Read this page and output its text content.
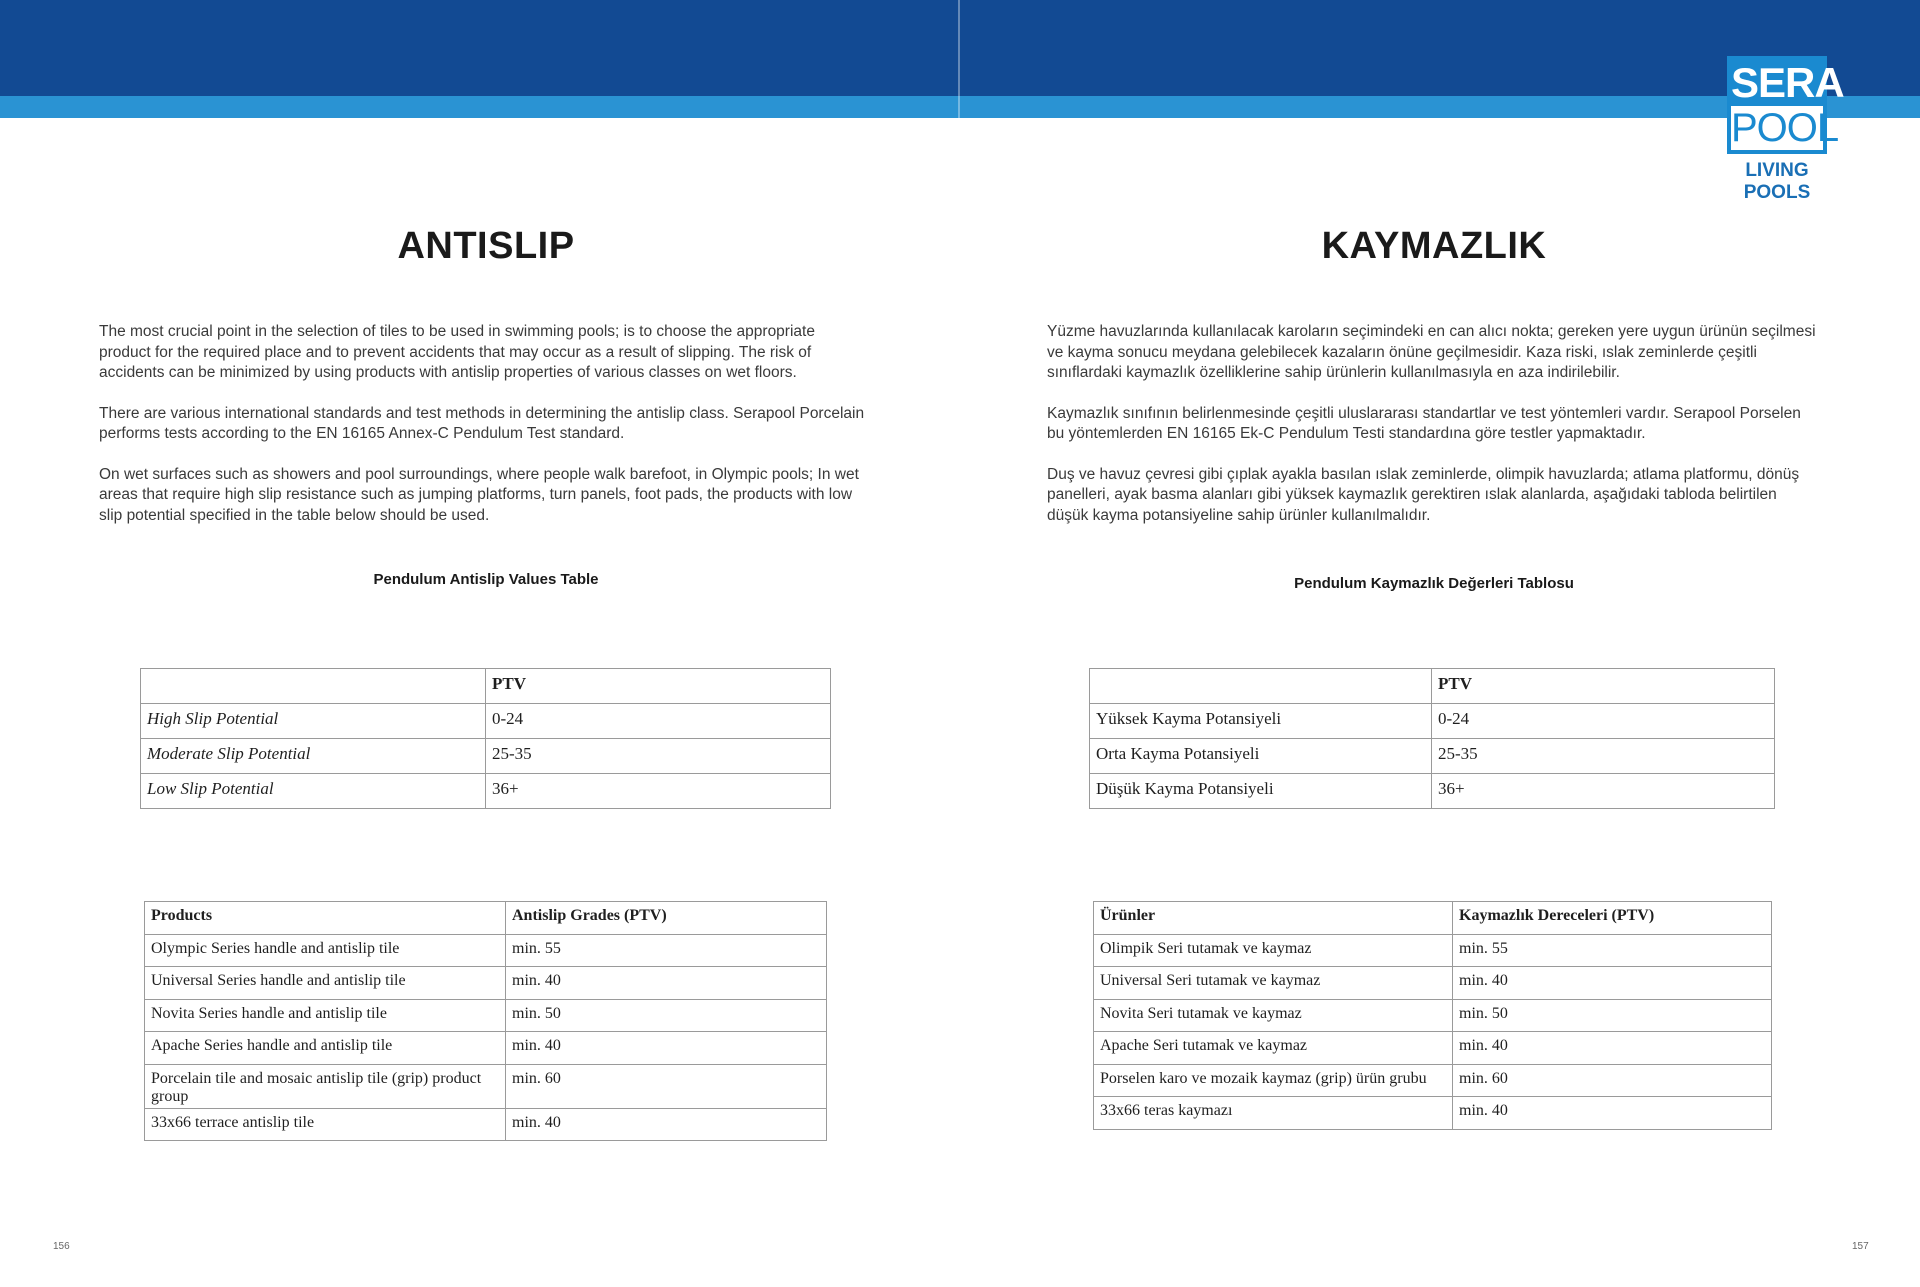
SERA
POOL
LIVING POOLS
ANTISLIP

The most crucial point in the selection of tiles to be used in swimming pools; is to choose the appropriate product for the required place and to prevent accidents that may occur as a result of slipping. The risk of accidents can be minimized by using products with antislip properties of various classes on wet floors.

There are various international standards and test methods in determining the antislip class. Serapool Porcelain performs tests according to the EN 16165 Annex-C Pendulum Test standard.

On wet surfaces such as showers and pool surroundings, where people walk barefoot, in Olympic pools; In wet areas that require high slip resistance such as jumping platforms, turn panels, foot pads, the products with low slip potential specified in the table below should be used.

Pendulum Antislip Values Table
	PTV
High Slip Potential	0-24
Moderate Slip Potential	25-35
Low Slip Potential	36+
Products	Antislip Grades (PTV)
Olympic Series handle and antislip tile	min. 55
Universal Series handle and antislip tile	min. 40
Novita Series handle and antislip tile	min. 50
Apache Series handle and antislip tile	min. 40
Porcelain tile and mosaic antislip tile (grip) product group	min. 60
33x66 terrace antislip tile	min. 40
156
KAYMAZLIK

Yüzme havuzlarında kullanılacak karoların seçimindeki en can alıcı nokta; gereken yere uygun ürünün seçilmesi ve kayma sonucu meydana gelebilecek kazaların önüne geçilmesidir. Kaza riski, ıslak zeminlerde çeşitli sınıflardaki kaymazlık özelliklerine sahip ürünlerin kullanılmasıyla en aza indirilebilir.

Kaymazlık sınıfının belirlenmesinde çeşitli uluslararası standartlar ve test yöntemleri vardır. Serapool Porselen bu yöntemlerden EN 16165 Ek-C Pendulum Testi standardına göre testler yapmaktadır.

Duş ve havuz çevresi gibi çıplak ayakla basılan ıslak zeminlerde, olimpik havuzlarda; atlama platformu, dönüş panelleri, ayak basma alanları gibi yüksek kaymazlık gerektiren ıslak alanlarda, aşağıdaki tabloda belirtilen düşük kayma potansiyeline sahip ürünler kullanılmalıdır.

Pendulum Kaymazlık Değerleri Tablosu
	PTV
Yüksek Kayma Potansiyeli	0-24
Orta Kayma Potansiyeli	25-35
Düşük Kayma Potansiyeli	36+
Ürünler	Kaymazlık Dereceleri (PTV)
Olimpik Seri tutamak ve kaymaz	min. 55
Universal Seri tutamak ve kaymaz	min. 40
Novita Seri tutamak ve kaymaz	min. 50
Apache Seri tutamak ve kaymaz	min. 40
Porselen karo ve mozaik kaymaz (grip) ürün grubu	min. 60
33x66 teras kaymazı	min. 40
157
